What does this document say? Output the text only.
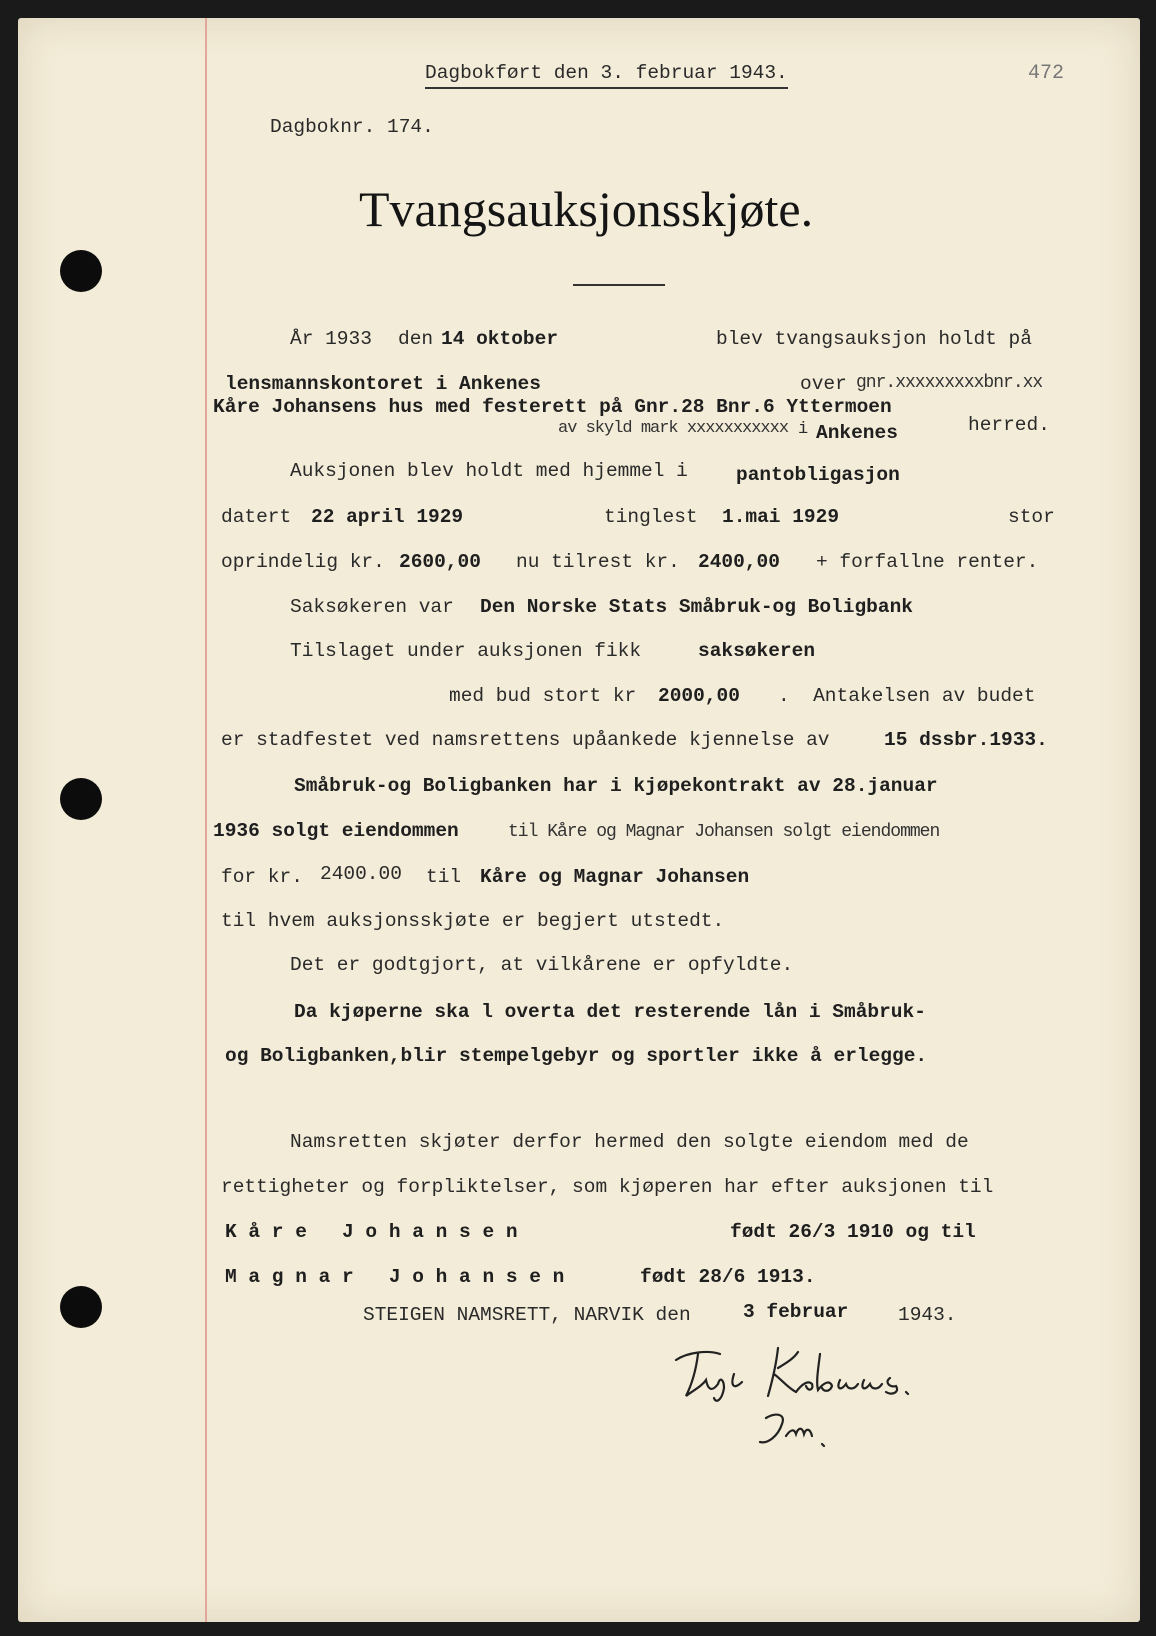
Dagbokført den 3. februar 1943.	472
Dagboknr. 174.
Tvangsauksjonsskjøte.
År 1933 den 14 oktober	blev tvangsauksjon holdt på
lensmannskontoret i Ankenes	over gnr.xxxxxxxxxbnr.xx
Kåre Johansens hus med festerett på Gnr.28 Bnr.6 Yttermoen
av skyld mark xxxxxxxxxxx i Ankenes	herred.
Auksjonen blev holdt med hjemmel i pantobligasjon
datert 22 april 1929	tinglest 1.mai 1929	stor
oprindelig kr. 2600,00 nu tilrest kr. 2400,00 + forfallne renter.
Saksøkeren var Den Norske Stats Småbruk-og Boligbank
Tilslaget under auksjonen fikk	saksøkeren
med bud stort kr 2000,00 .  Antakelsen av budet
er stadfestet ved namsrettens upåankede kjennelse av	15 dssbr.1933.
Småbruk-og Boligbanken har i kjøpekontrakt av 28.januar
1936 solgt eiendommen	til Kåre og Magnar Johansen solgt eiendommen
for kr. 2400.00 til Kåre og Magnar Johansen
til hvem auksjonsskjøte er begjert utstedt.
Det er godtgjort, at vilkårene er opfyldte.
Da kjøperne ska l overta det resterende lån i Småbruk-
og Boligbanken,blir stempelgebyr og sportler ikke å erlegge.
Namsretten skjøter derfor hermed den solgte eiendom med de
rettigheter og forpliktelser, som kjøperen har efter auksjonen til
K å r e   J o h a n s e n	født 26/3 1910 og til
M a g n a r   J o h a n s e n	født 28/6 1913.
STEIGEN NAMSRETT, NARVIK den	3 februar	1943.
